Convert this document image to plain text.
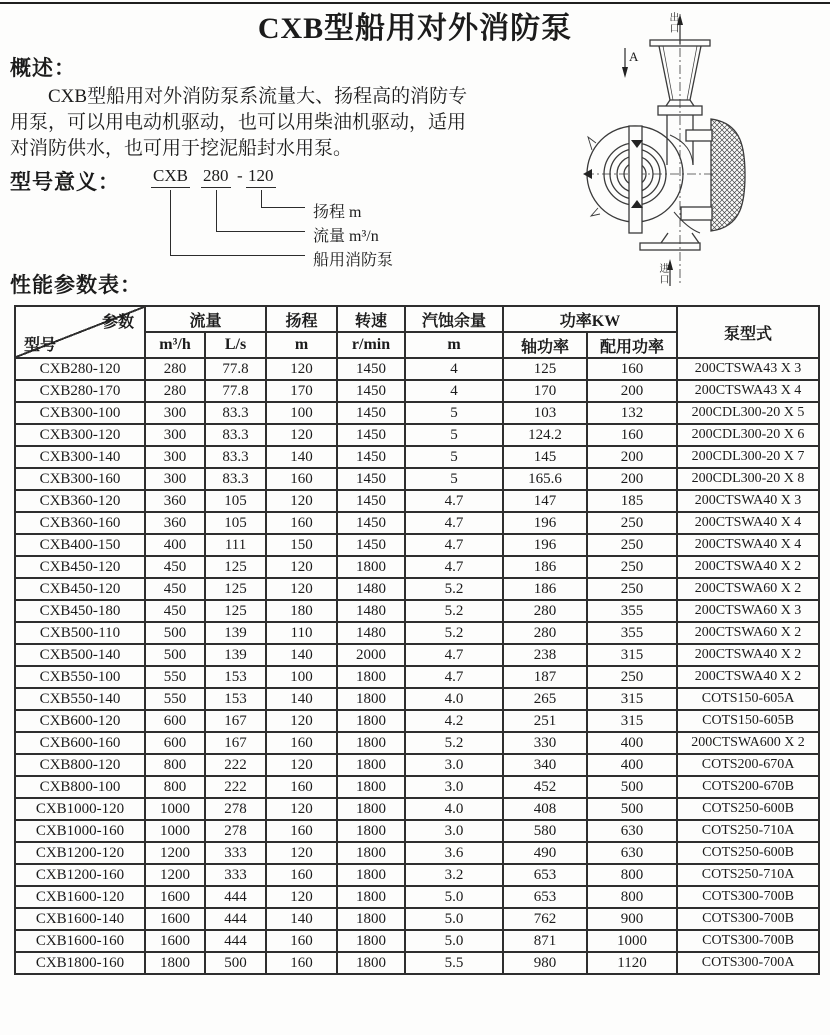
CXB型船用对外消防泵
概述：
CXB型船用对外消防泵系流量大、扬程高的消防专
用泵，可以用电动机驱动，也可以用柴油机驱动，适用
对消防供水，也可用于挖泥船封水用泵。
型号意义： CXB 280 - 120
扬程 m
流量 m³/n
船用消防泵
出口
进口
A
性能参数表：
参数
型号	流量		扬程	转速	汽蚀余量	功率KW		泵型式
	m³/h	L/s	m	r/min	m	轴功率	配用功率	
CXB280-120	280	77.8	120	1450	4	125	160	200CTSWA43 X 3
CXB280-170	280	77.8	170	1450	4	170	200	200CTSWA43 X 4
CXB300-100	300	83.3	100	1450	5	103	132	200CDL300-20 X 5
CXB300-120	300	83.3	120	1450	5	124.2	160	200CDL300-20 X 6
CXB300-140	300	83.3	140	1450	5	145	200	200CDL300-20 X 7
CXB300-160	300	83.3	160	1450	5	165.6	200	200CDL300-20 X 8
CXB360-120	360	105	120	1450	4.7	147	185	200CTSWA40 X 3
CXB360-160	360	105	160	1450	4.7	196	250	200CTSWA40 X 4
CXB400-150	400	111	150	1450	4.7	196	250	200CTSWA40 X 4
CXB450-120	450	125	120	1800	4.7	186	250	200CTSWA40 X 2
CXB450-120	450	125	120	1480	5.2	186	250	200CTSWA60 X 2
CXB450-180	450	125	180	1480	5.2	280	355	200CTSWA60 X 3
CXB500-110	500	139	110	1480	5.2	280	355	200CTSWA60 X 2
CXB500-140	500	139	140	2000	4.7	238	315	200CTSWA40 X 2
CXB550-100	550	153	100	1800	4.7	187	250	200CTSWA40 X 2
CXB550-140	550	153	140	1800	4.0	265	315	COTS150-605A
CXB600-120	600	167	120	1800	4.2	251	315	COTS150-605B
CXB600-160	600	167	160	1800	5.2	330	400	200CTSWA600 X 2
CXB800-120	800	222	120	1800	3.0	340	400	COTS200-670A
CXB800-100	800	222	160	1800	3.0	452	500	COTS200-670B
CXB1000-120	1000	278	120	1800	4.0	408	500	COTS250-600B
CXB1000-160	1000	278	160	1800	3.0	580	630	COTS250-710A
CXB1200-120	1200	333	120	1800	3.6	490	630	COTS250-600B
CXB1200-160	1200	333	160	1800	3.2	653	800	COTS250-710A
CXB1600-120	1600	444	120	1800	5.0	653	800	COTS300-700B
CXB1600-140	1600	444	140	1800	5.0	762	900	COTS300-700B
CXB1600-160	1600	444	160	1800	5.0	871	1000	COTS300-700B
CXB1800-160	1800	500	160	1800	5.5	980	1120	COTS300-700A
